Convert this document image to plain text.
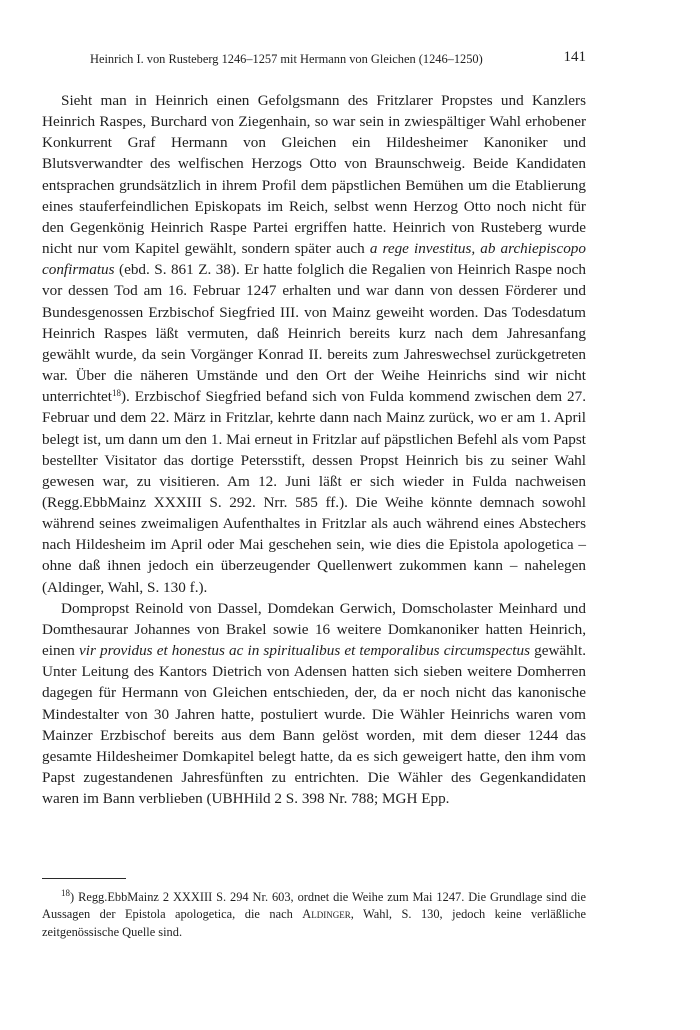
Heinrich I. von Rusteberg 1246–1257 mit Hermann von Gleichen (1246–1250)	141

Sieht man in Heinrich einen Gefolgsmann des Fritzlarer Propstes und Kanzlers Heinrich Raspes, Burchard von Ziegenhain, so war sein in zwiespältiger Wahl erhobener Konkurrent Graf Hermann von Gleichen ein Hildesheimer Kanoniker und Blutsverwandter des welfischen Herzogs Otto von Braunschweig. Beide Kandidaten entsprachen grundsätzlich in ihrem Profil dem päpstlichen Bemühen um die Etablierung eines stauferfeindlichen Episkopats im Reich, selbst wenn Herzog Otto noch nicht für den Gegenkönig Heinrich Raspe Partei ergriffen hatte. Heinrich von Rusteberg wurde nicht nur vom Kapitel gewählt, sondern später auch a rege investitus, ab archiepiscopo confirmatus (ebd. S. 861 Z. 38). Er hatte folglich die Regalien von Heinrich Raspe noch vor dessen Tod am 16. Februar 1247 erhalten und war dann von dessen Förderer und Bundesgenossen Erzbischof Siegfried III. von Mainz geweiht worden. Das Todesdatum Heinrich Raspes läßt vermuten, daß Heinrich bereits kurz nach dem Jahresanfang gewählt wurde, da sein Vorgänger Konrad II. bereits zum Jahreswechsel zurückgetreten war. Über die näheren Umstände und den Ort der Weihe Heinrichs sind wir nicht unterrichtet$^{18}$). Erzbischof Siegfried befand sich von Fulda kommend zwischen dem 27. Februar und dem 22. März in Fritzlar, kehrte dann nach Mainz zurück, wo er am 1. April belegt ist, um dann um den 1. Mai erneut in Fritzlar auf päpstlichen Befehl als vom Papst bestellter Visitator das dortige Petersstift, dessen Propst Heinrich bis zu seiner Wahl gewesen war, zu visitieren. Am 12. Juni läßt er sich wieder in Fulda nachweisen (Regg.EbbMainz XXXIII S. 292. Nrr. 585 ff.). Die Weihe könnte demnach sowohl während seines zweimaligen Aufenthaltes in Fritzlar als auch während eines Abstechers nach Hildesheim im April oder Mai geschehen sein, wie dies die Epistola apologetica – ohne daß ihnen jedoch ein überzeugender Quellenwert zukommen kann – nahelegen (Aldinger, Wahl, S. 130 f.).

Dompropst Reinold von Dassel, Domdekan Gerwich, Domscholaster Meinhard und Domthesaurar Johannes von Brakel sowie 16 weitere Domkanoniker hatten Heinrich, einen vir providus et honestus ac in spiritualibus et temporalibus circumspectus gewählt. Unter Leitung des Kantors Dietrich von Adensen hatten sich sieben weitere Domherren dagegen für Hermann von Gleichen entschieden, der, da er noch nicht das kanonische Mindestalter von 30 Jahren hatte, postuliert wurde. Die Wähler Heinrichs waren vom Mainzer Erzbischof bereits aus dem Bann gelöst worden, mit dem dieser 1244 das gesamte Hildesheimer Domkapitel belegt hatte, da es sich geweigert hatte, den ihm vom Papst zugestandenen Jahresfünften zu entrichten. Die Wähler des Gegenkandidaten waren im Bann verblieben (UBHHild 2 S. 398 Nr. 788; MGH Epp.

$^{18}$) Regg.EbbMainz 2 XXXIII S. 294 Nr. 603, ordnet die Weihe zum Mai 1247. Die Grundlage sind die Aussagen der Epistola apologetica, die nach Aldinger, Wahl, S. 130, jedoch keine verläßliche zeitgenössische Quelle sind.
